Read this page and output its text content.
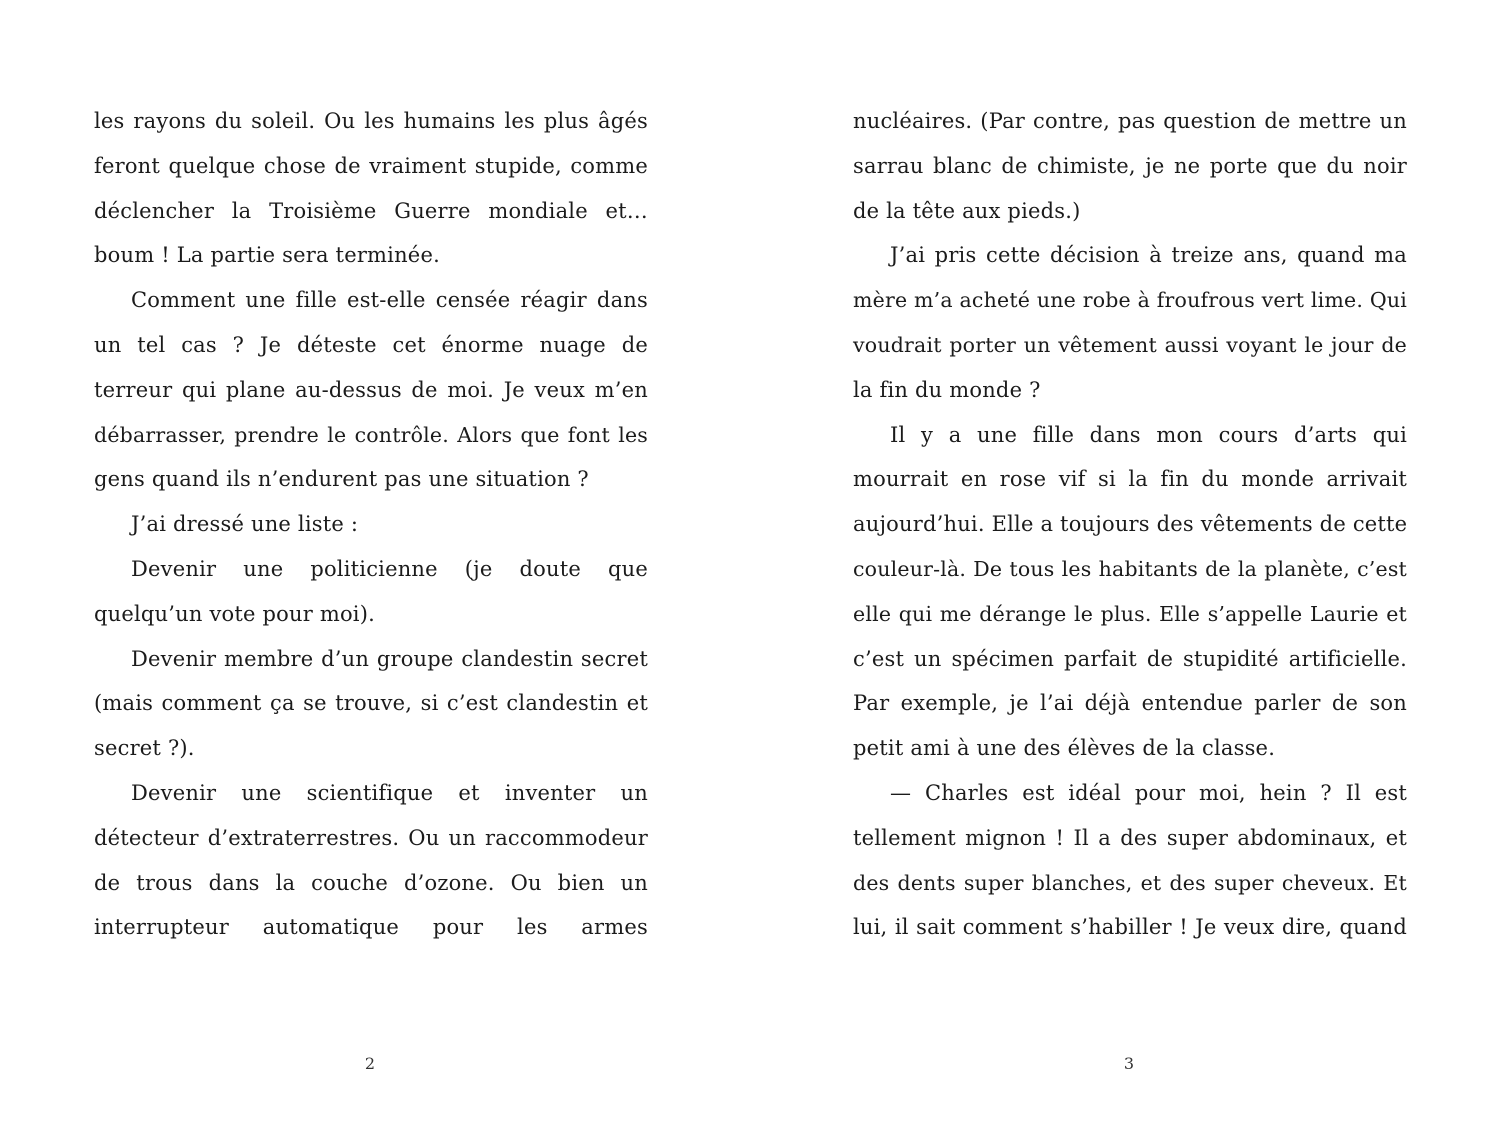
les rayons du soleil. Ou les humains les plus âgés
feront quelque chose de vraiment stupide, comme
déclencher la Troisième Guerre mondiale et…
boum ! La partie sera terminée.
Comment une fille est-elle censée réagir dans
un tel cas ? Je déteste cet énorme nuage de
terreur qui plane au-dessus de moi. Je veux m’en
débarrasser, prendre le contrôle. Alors que font les
gens quand ils n’endurent pas une situation ?
J’ai dressé une liste :
Devenir une politicienne (je doute que
quelqu’un vote pour moi).
Devenir membre d’un groupe clandestin secret
(mais comment ça se trouve, si c’est clandestin et
secret ?).
Devenir une scientifique et inventer un
détecteur d’extraterrestres. Ou un raccommodeur
de trous dans la couche d’ozone. Ou bien un
interrupteur automatique pour les armes
2
nucléaires. (Par contre, pas question de mettre un
sarrau blanc de chimiste, je ne porte que du noir
de la tête aux pieds.)
J’ai pris cette décision à treize ans, quand ma
mère m’a acheté une robe à froufrous vert lime. Qui
voudrait porter un vêtement aussi voyant le jour de
la fin du monde ?
Il y a une fille dans mon cours d’arts qui
mourrait en rose vif si la fin du monde arrivait
aujourd’hui. Elle a toujours des vêtements de cette
couleur-là. De tous les habitants de la planète, c’est
elle qui me dérange le plus. Elle s’appelle Laurie et
c’est un spécimen parfait de stupidité artificielle.
Par exemple, je l’ai déjà entendue parler de son
petit ami à une des élèves de la classe.
— Charles est idéal pour moi, hein ? Il est
tellement mignon ! Il a des super abdominaux, et
des dents super blanches, et des super cheveux. Et
lui, il sait comment s’habiller ! Je veux dire, quand
3
